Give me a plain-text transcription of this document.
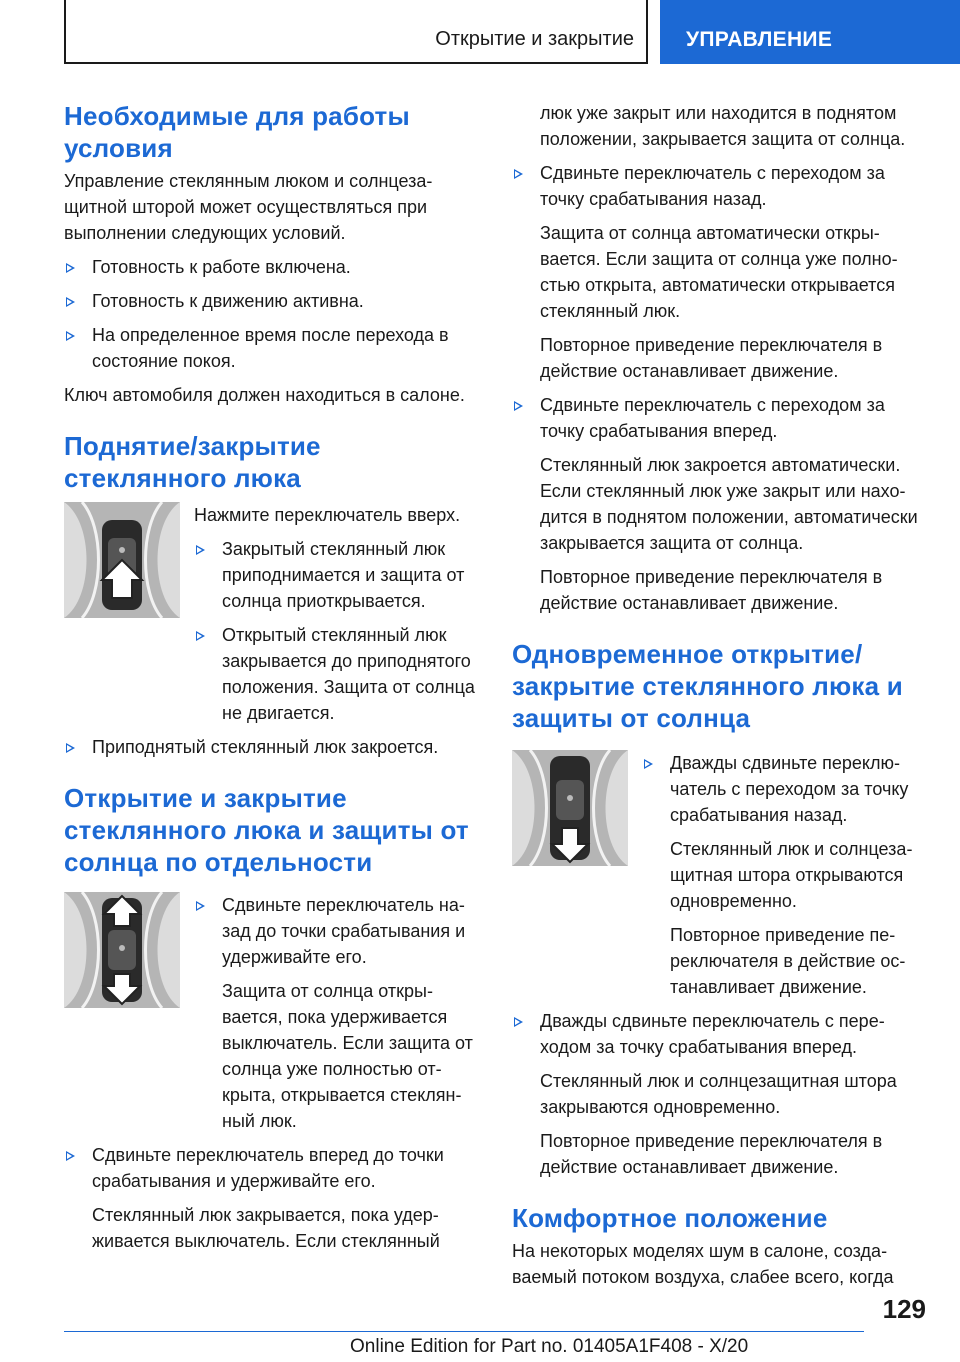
Открытие и закрытие УПРАВЛЕНИЕ
Необходимые для работы условия

Управление стеклянным люком и солнцезащитной шторой может осуществляться при выполнении следующих условий.

Готовность к работе включена.
Готовность к движению активна.
На определенное время после перехода в состояние покоя.

Ключ автомобиля должен находиться в салоне.

Поднятие/закрытие стеклянного люка

Нажмите переключатель вверх.

Закрытый стеклянный люк приподнимается и защита от солнца приоткрывается.
Открытый стеклянный люк закрывается до приподнятого положения. Защита от солнца не двигается.
Приподнятый стеклянный люк закроется.
Открытие и закрытие стеклянного люка и защиты от солнца по отдельности

Сдвиньте переключатель назад до точки срабатывания и удерживайте его.

Защита от солнца открывается, пока удерживается выключатель. Если защита от солнца уже полностью открыта, открывается стеклянный люк.

Сдвиньте переключатель вперед до точки срабатывания и удерживайте его.

Стеклянный люк закрывается, пока удерживается выключатель. Если стеклянный

люк уже закрыт или находится в поднятом положении, закрывается защита от солнца.

Сдвиньте переключатель с переходом за точку срабатывания назад.

Защита от солнца автоматически открывается. Если защита от солнца уже полностью открыта, автоматически открывается стеклянный люк.

Повторное приведение переключателя в действие останавливает движение.

Сдвиньте переключатель с переходом за точку срабатывания вперед.

Стеклянный люк закроется автоматически. Если стеклянный люк уже закрыт или находится в поднятом положении, автоматически закрывается защита от солнца.

Повторное приведение переключателя в действие останавливает движение.

Одновременное открытие/закрытие стеклянного люка и защиты от солнца

Дважды сдвиньте переключатель с переходом за точку срабатывания назад.

Стеклянный люк и солнцезащитная штора открываются одновременно.

Повторное приведение переключателя в действие останавливает движение.

Дважды сдвиньте переключатель с переходом за точку срабатывания вперед.

Стеклянный люк и солнцезащитная штора закрываются одновременно.

Повторное приведение переключателя в действие останавливает движение.

Комфортное положение

На некоторых моделях шум в салоне, создаваемый потоком воздуха, слабее всего, когда

129
Online Edition for Part no. 01405A1F408 - X/20
